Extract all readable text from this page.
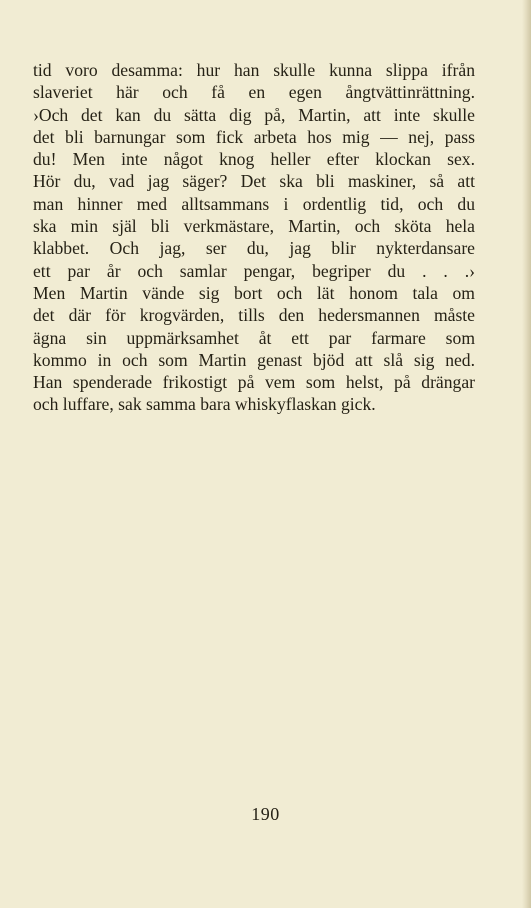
tid voro desamma: hur han skulle kunna slippa ifrån
slaveriet här och få en egen ångtvättinrättning.
›Och det kan du sätta dig på, Martin, att inte skulle
det bli barnungar som fick arbeta hos mig — nej, pass
du! Men inte något knog heller efter klockan sex.
Hör du, vad jag säger? Det ska bli maskiner, så att
man hinner med alltsammans i ordentlig tid, och du
ska min själ bli verkmästare, Martin, och sköta hela
klabbet. Och jag, ser du, jag blir nykterdansare
ett par år och samlar pengar, begriper du . . .›
Men Martin vände sig bort och lät honom tala om
det där för krogvärden, tills den hedersmannen måste
ägna sin uppmärksamhet åt ett par farmare som
kommo in och som Martin genast bjöd att slå sig ned.
Han spenderade frikostigt på vem som helst, på drängar
och luffare, sak samma bara whiskyflaskan gick.
190
